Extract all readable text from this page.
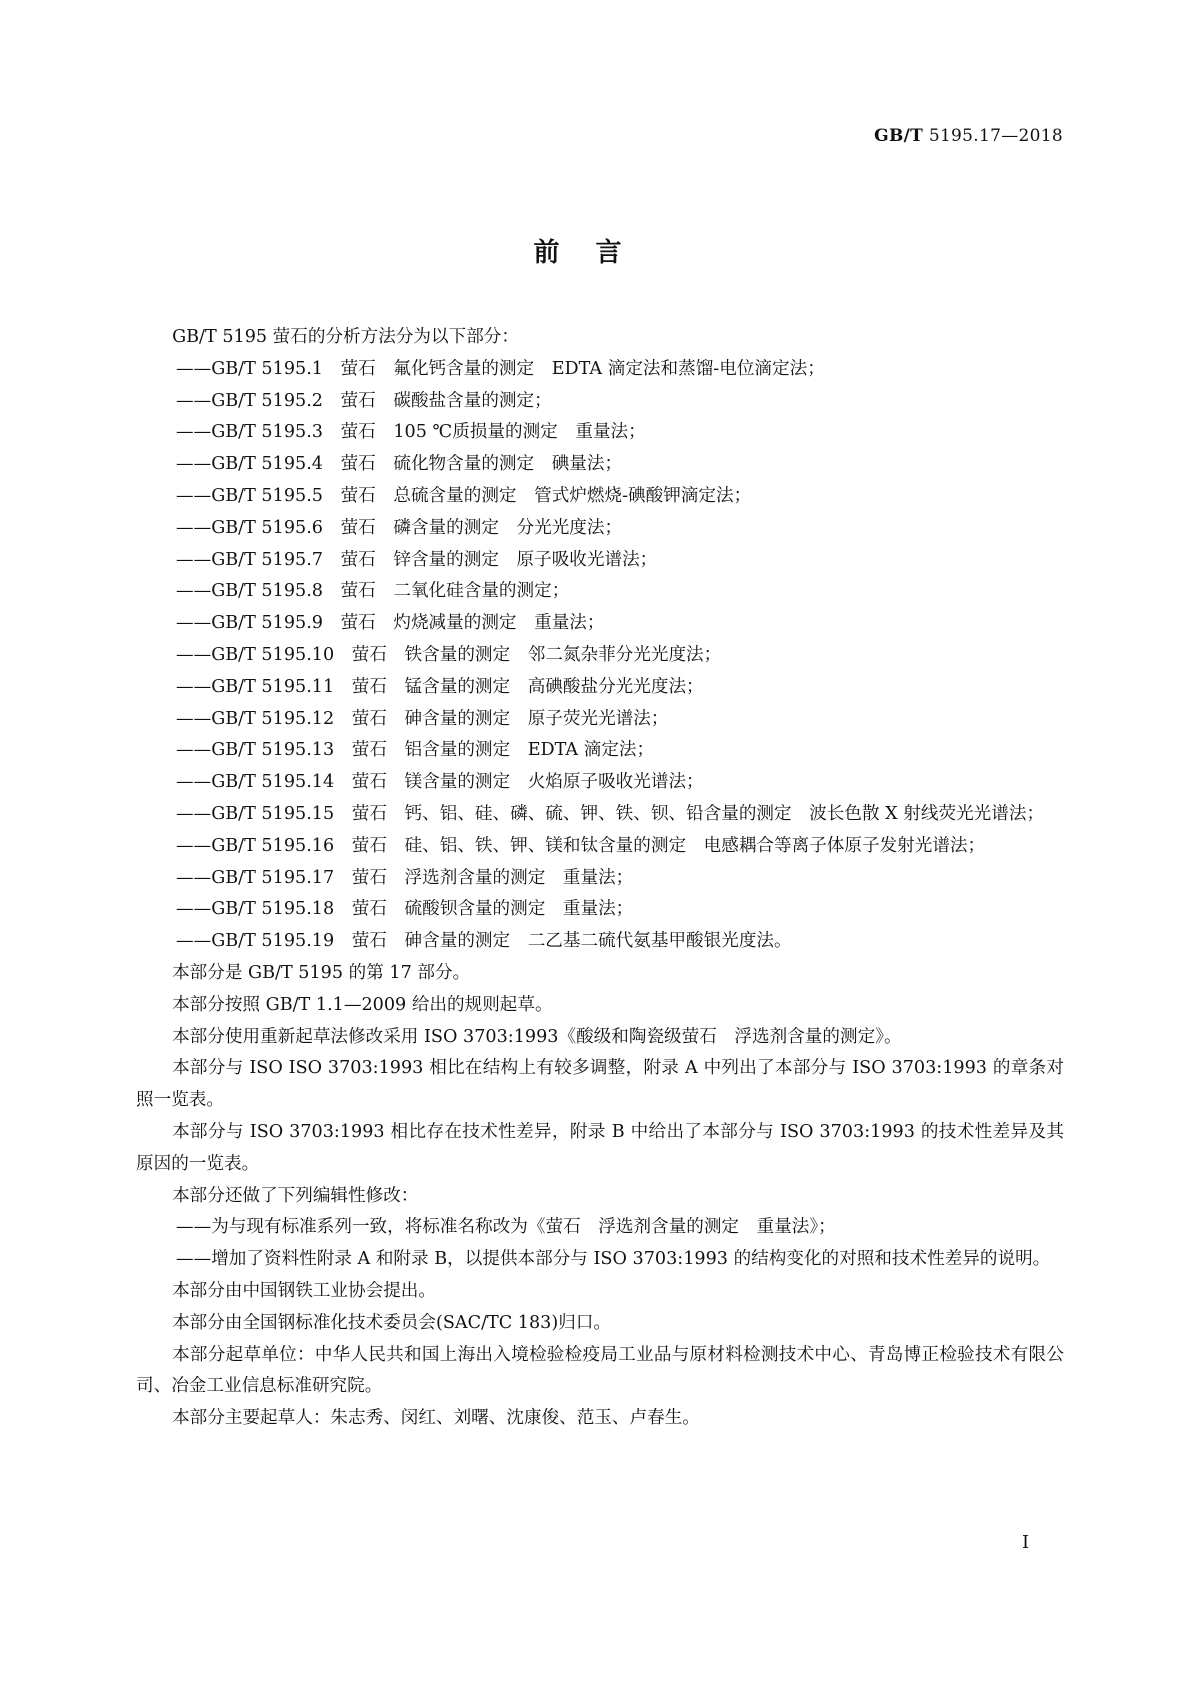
GB/T 5195.17—2018
前言

GB/T 5195 萤石的分析方法分为以下部分：

——GB/T 5195.1　萤石　氟化钙含量的测定　EDTA 滴定法和蒸馏-电位滴定法；

——GB/T 5195.2　萤石　碳酸盐含量的测定；

——GB/T 5195.3　萤石　105 ℃质损量的测定　重量法；

——GB/T 5195.4　萤石　硫化物含量的测定　碘量法；

——GB/T 5195.5　萤石　总硫含量的测定　管式炉燃烧-碘酸钾滴定法；

——GB/T 5195.6　萤石　磷含量的测定　分光光度法；

——GB/T 5195.7　萤石　锌含量的测定　原子吸收光谱法；

——GB/T 5195.8　萤石　二氧化硅含量的测定；

——GB/T 5195.9　萤石　灼烧减量的测定　重量法；

——GB/T 5195.10　萤石　铁含量的测定　邻二氮杂菲分光光度法；

——GB/T 5195.11　萤石　锰含量的测定　高碘酸盐分光光度法；

——GB/T 5195.12　萤石　砷含量的测定　原子荧光光谱法；

——GB/T 5195.13　萤石　铝含量的测定　EDTA 滴定法；

——GB/T 5195.14　萤石　镁含量的测定　火焰原子吸收光谱法；

——GB/T 5195.15　萤石　钙、铝、硅、磷、硫、钾、铁、钡、铅含量的测定　波长色散 X 射线荧光光谱法；

——GB/T 5195.16　萤石　硅、铝、铁、钾、镁和钛含量的测定　电感耦合等离子体原子发射光谱法；

——GB/T 5195.17　萤石　浮选剂含量的测定　重量法；

——GB/T 5195.18　萤石　硫酸钡含量的测定　重量法；

——GB/T 5195.19　萤石　砷含量的测定　二乙基二硫代氨基甲酸银光度法。

本部分是 GB/T 5195 的第 17 部分。

本部分按照 GB/T 1.1—2009 给出的规则起草。

本部分使用重新起草法修改采用 ISO 3703:1993《酸级和陶瓷级萤石　浮选剂含量的测定》。

本部分与 ISO ISO 3703:1993 相比在结构上有较多调整，附录 A 中列出了本部分与 ISO 3703:1993 的章条对照一览表。

本部分与 ISO 3703:1993 相比存在技术性差异，附录 B 中给出了本部分与 ISO 3703:1993 的技术性差异及其原因的一览表。

本部分还做了下列编辑性修改：

——为与现有标准系列一致，将标准名称改为《萤石　浮选剂含量的测定　重量法》；

——增加了资料性附录 A 和附录 B，以提供本部分与 ISO 3703:1993 的结构变化的对照和技术性差异的说明。

本部分由中国钢铁工业协会提出。

本部分由全国钢标准化技术委员会(SAC/TC 183)归口。

本部分起草单位：中华人民共和国上海出入境检验检疫局工业品与原材料检测技术中心、青岛博正检验技术有限公司、冶金工业信息标准研究院。

本部分主要起草人：朱志秀、闵红、刘曙、沈康俊、范玉、卢春生。

I
